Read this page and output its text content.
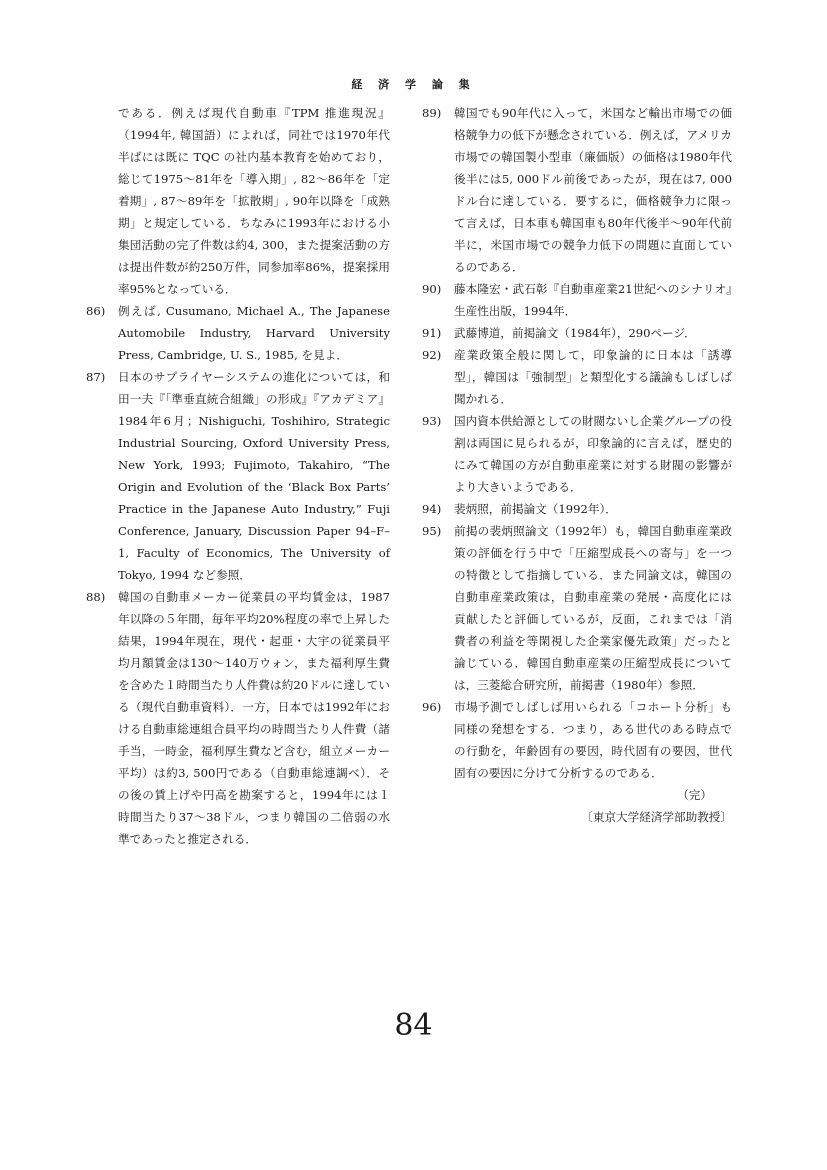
経 済 学 論 集
である．例えば現代自動車『TPM 推進現況』（1994年, 韓国語）によれば，同社では1970年代半ばには既に TQC の社内基本教育を始めており，総じて1975～81年を「導入期」, 82～86年を「定着期」, 87～89年を「拡散期」, 90年以降を「成熟期」と規定している．ちなみに1993年における小集団活動の完了件数は約4, 300，また提案活動の方は提出件数が約250万件，同参加率86%，提案採用率95%となっている．
86) 例えば, Cusumano, Michael A., The Japanese Automobile Industry, Harvard University Press, Cambridge, U. S., 1985, を見よ．
87) 日本のサプライヤーシステムの進化については，和田一夫『「準垂直統合組織」の形成』『アカデミア』1984年6月；Nishiguchi, Toshihiro, Strategic Industrial Sourcing, Oxford University Press, New York, 1993; Fujimoto, Takahiro, “The Origin and Evolution of the ‘Black Box Parts’ Practice in the Japanese Auto Industry,” Fuji Conference, January, Discussion Paper 94–F–1, Faculty of Economics, The University of Tokyo, 1994 など参照．
88) 韓国の自動車メーカー従業員の平均賃金は，1987年以降の５年間，毎年平均20%程度の率で上昇した結果，1994年現在，現代・起亜・大宇の従業員平均月額賃金は130～140万ウォン，また福利厚生費を含めた１時間当たり人件費は約20ドルに達している（現代自動車資料）．一方，日本では1992年における自動車総連組合員平均の時間当たり人件費（諸手当，一時金，福利厚生費など含む，組立メーカー平均）は約3, 500円である（自動車総連調べ）．その後の賃上げや円高を勘案すると，1994年には１時間当たり37～38ドル，つまり韓国の二倍弱の水準であったと推定される．
89) 韓国でも90年代に入って，米国など輸出市場での価格競争力の低下が懸念されている．例えば，アメリカ市場での韓国製小型車（廉価版）の価格は1980年代後半には5, 000ドル前後であったが，現在は7, 000ドル台に達している．要するに，価格競争力に限って言えば，日本車も韓国車も80年代後半～90年代前半に，米国市場での競争力低下の問題に直面しているのである．
90) 藤本隆宏・武石彰『自動車産業21世紀へのシナリオ』生産性出版，1994年．
91) 武藤博道，前掲論文（1984年），290ページ．
92) 産業政策全般に関して，印象論的に日本は「誘導型」，韓国は「強制型」と類型化する議論もしばしば聞かれる．
93) 国内資本供給源としての財閥ないし企業グループの役割は両国に見られるが，印象論的に言えば，歴史的にみて韓国の方が自動車産業に対する財閥の影響がより大きいようである．
94) 裴炳照，前掲論文（1992年）．
95) 前掲の裴炳照論文（1992年）も，韓国自動車産業政策の評価を行う中で「圧縮型成長への寄与」を一つの特徴として指摘している．また同論文は，韓国の自動車産業政策は，自動車産業の発展・高度化には貢献したと評価しているが，反面，これまでは「消費者の利益を等閑視した企業家優先政策」だったと論じている．韓国自動車産業の圧縮型成長については，三菱総合研究所，前掲書（1980年）参照．
96) 市場予測でしばしば用いられる「コホート分析」も同様の発想をする．つまり，ある世代のある時点での行動を，年齢固有の要因，時代固有の要因，世代固有の要因に分けて分析するのである．
（完）
〔東京大学経済学部助教授〕
84
